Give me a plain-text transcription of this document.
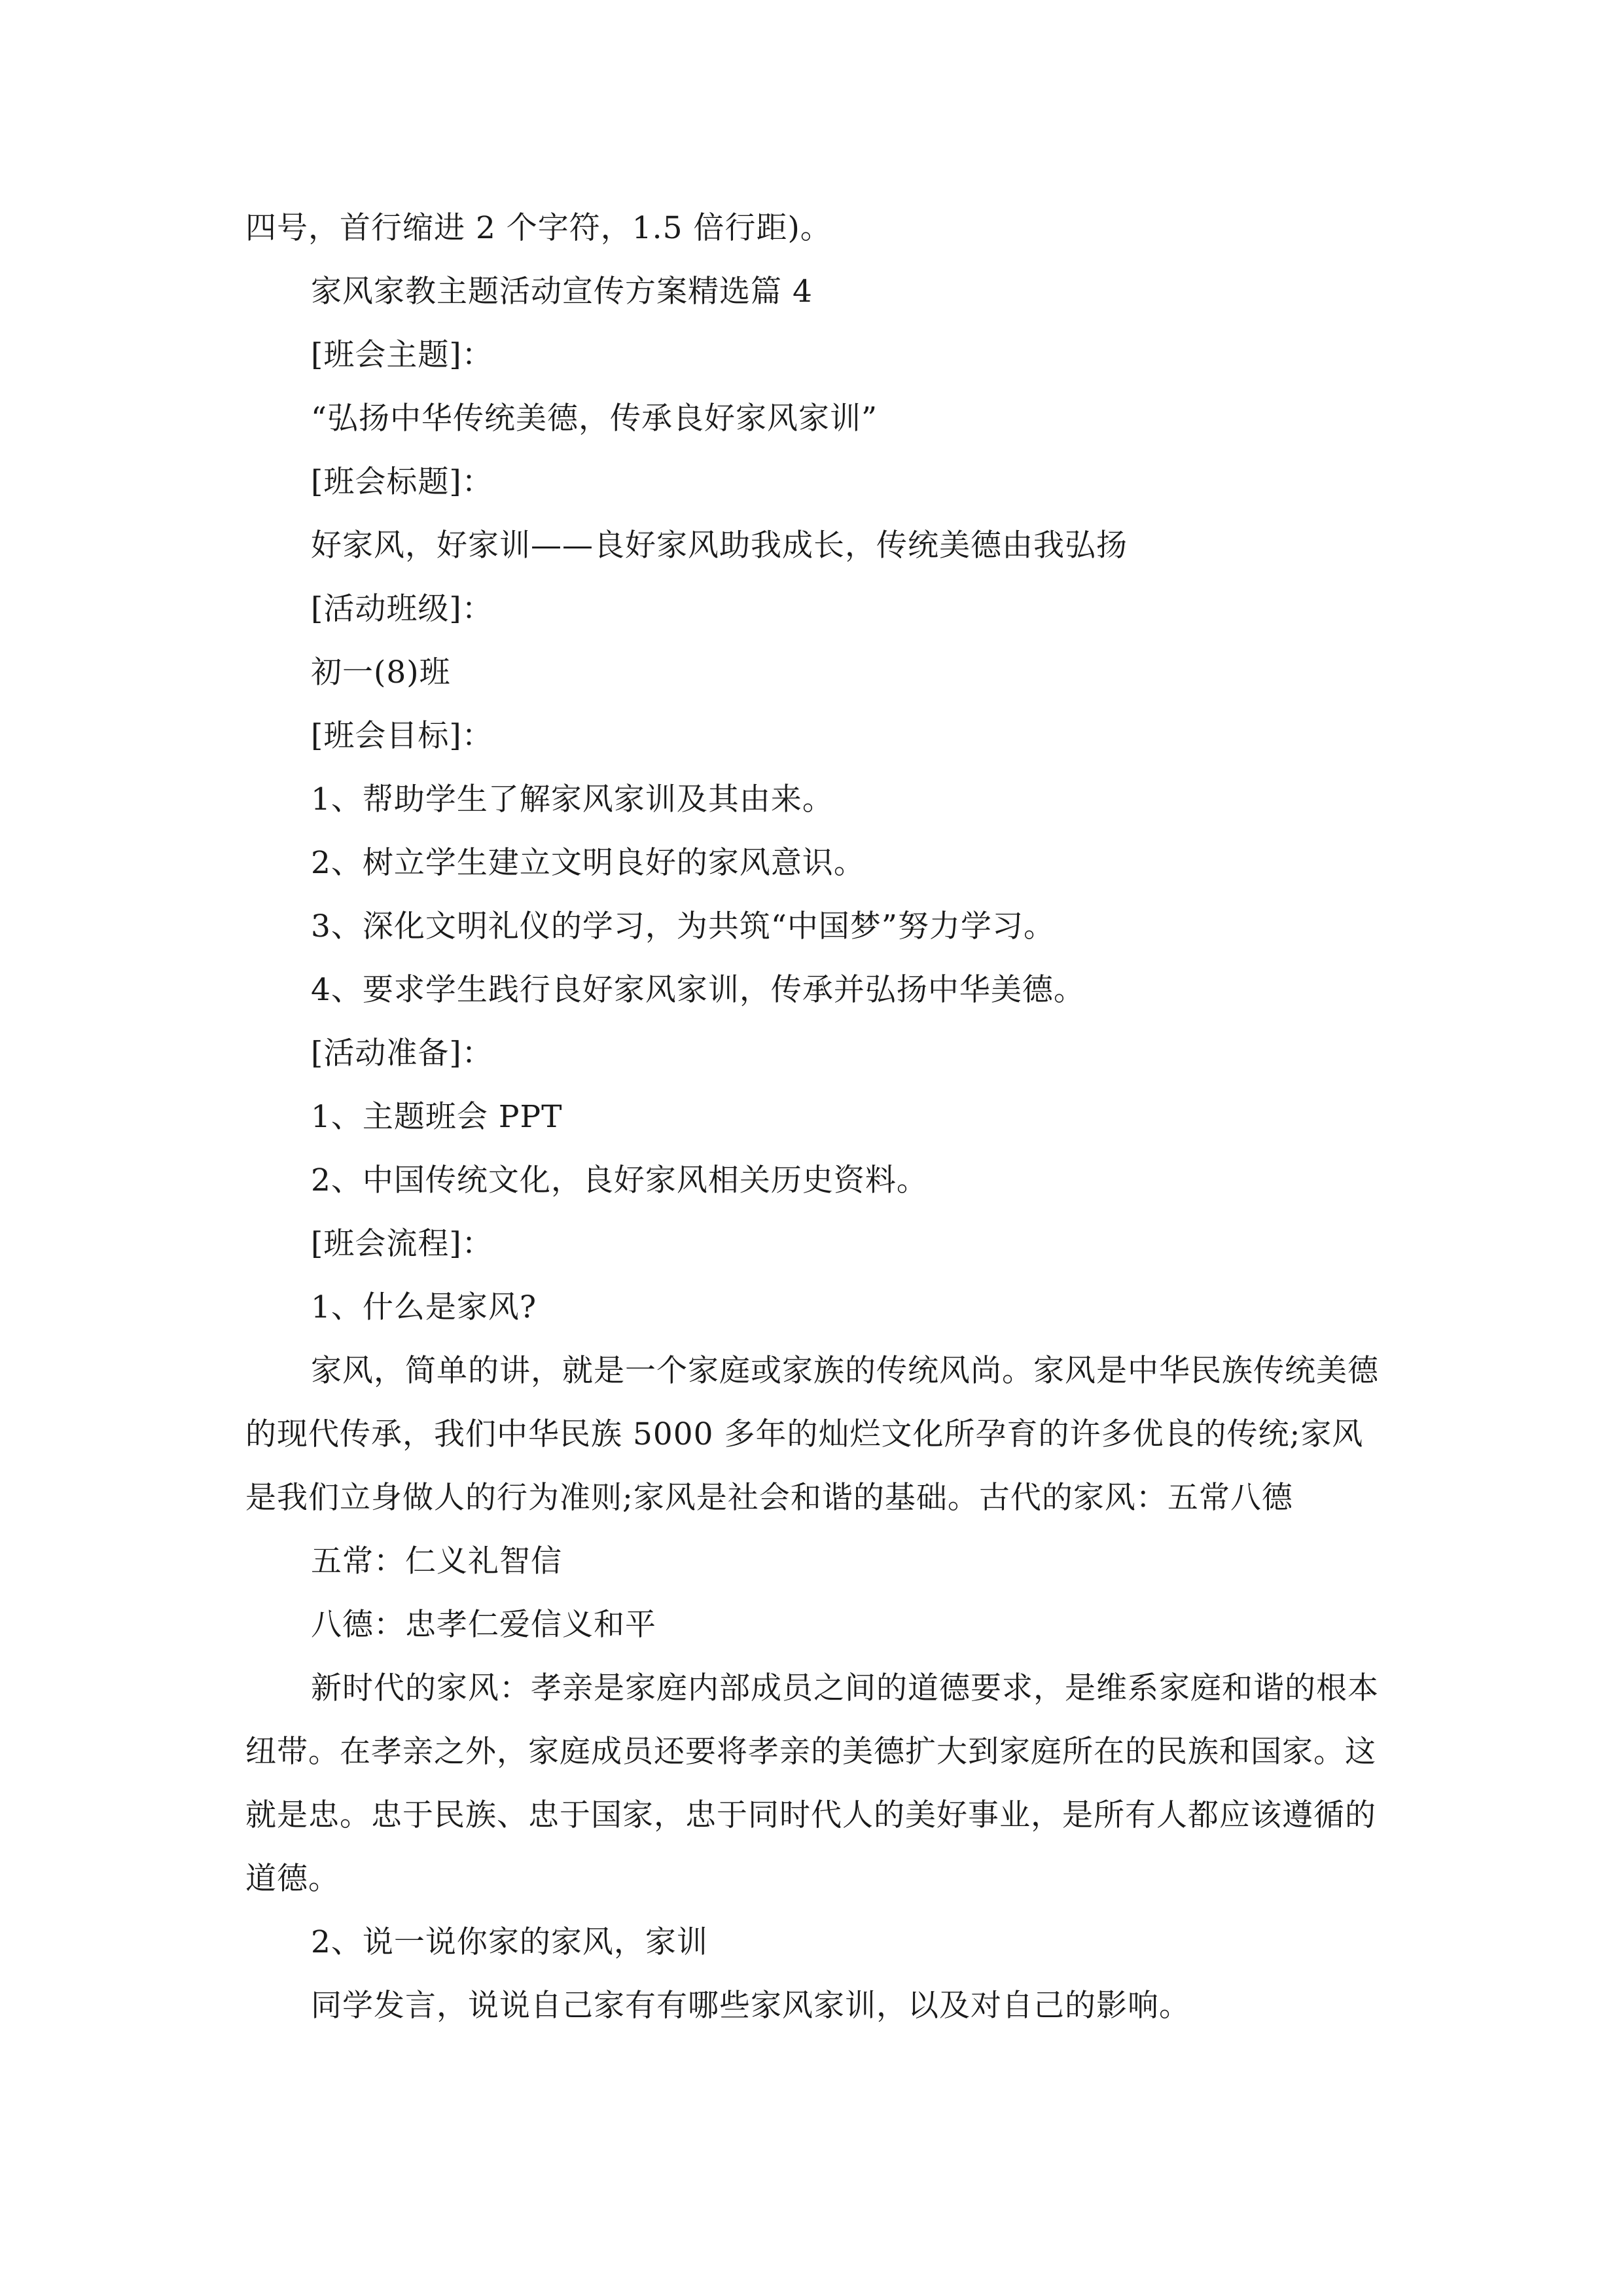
四号，首行缩进 2 个字符，1.5 倍行距)。

家风家教主题活动宣传方案精选篇 4

[班会主题]：

“弘扬中华传统美德，传承良好家风家训”

[班会标题]：

好家风，好家训——良好家风助我成长，传统美德由我弘扬

[活动班级]：

初一(8)班

[班会目标]：

1、帮助学生了解家风家训及其由来。

2、树立学生建立文明良好的家风意识。

3、深化文明礼仪的学习，为共筑“中国梦”努力学习。

4、要求学生践行良好家风家训，传承并弘扬中华美德。

[活动准备]：

1、主题班会 PPT

2、中国传统文化，良好家风相关历史资料。

[班会流程]：

1、什么是家风?

家风，简单的讲，就是一个家庭或家族的传统风尚。家风是中华民族传统美德的现代传承，我们中华民族 5000 多年的灿烂文化所孕育的许多优良的传统;家风是我们立身做人的行为准则;家风是社会和谐的基础。古代的家风：五常八德

五常：仁义礼智信

八德：忠孝仁爱信义和平

新时代的家风：孝亲是家庭内部成员之间的道德要求，是维系家庭和谐的根本纽带。在孝亲之外，家庭成员还要将孝亲的美德扩大到家庭所在的民族和国家。这就是忠。忠于民族、忠于国家，忠于同时代人的美好事业，是所有人都应该遵循的道德。

2、说一说你家的家风，家训

同学发言，说说自己家有有哪些家风家训，以及对自己的影响。
